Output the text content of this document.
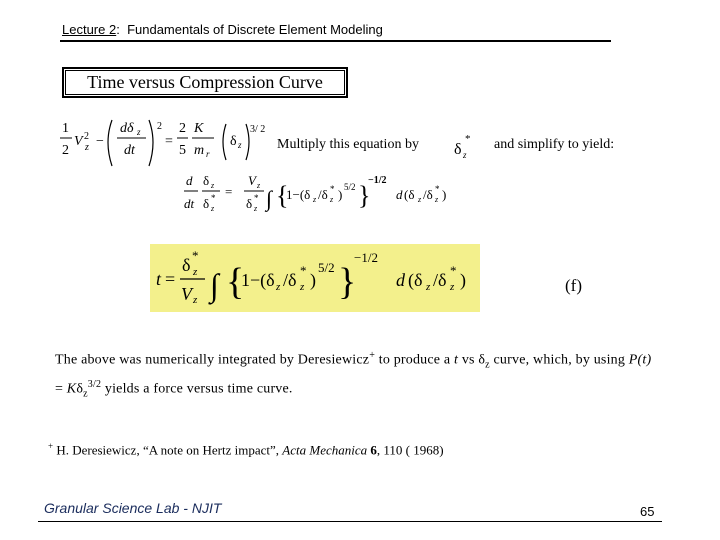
Lecture 2: Fundamentals of Discrete Element Modeling
Time versus Compression Curve
1
2
V 2
z −
dδ z
dt
2
=
2
5
K
m r
δ z
3/ 2
Multiply this equation by δ z
* and simplify to yield:
d
dt
δ z
δ z
* =
V z
δ z
* ∫ {
1−(δ z /δ z
* ) 5/2 }
−1/2
d (δ z /δ z
* )
t =
δ z
*
V z ∫ {
1−(δ z /δ z
* )
5/2 }
−1/2
d (δ z /δ z
* )	(f)
The above was numerically integrated by Deresiewicz+ to produce a t vs $\delta_z$ curve, which, by using $P(t) = K\delta_z^{3/2}$ yields a force versus time curve.
+ H. Deresiewicz, “A note on Hertz impact”, Acta Mechanica 6, 110 ( 1968)
Granular Science Lab - NJIT	65
